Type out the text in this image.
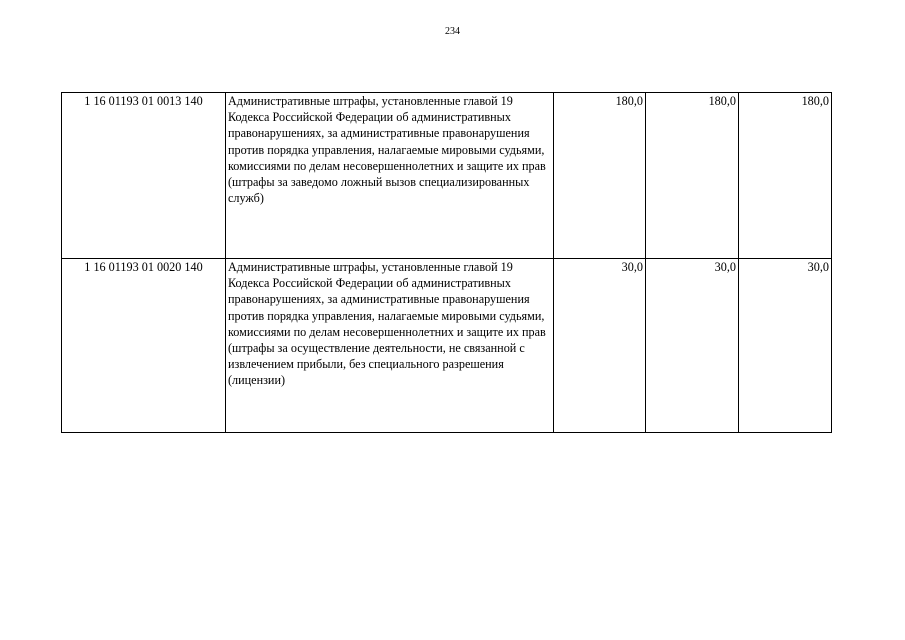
234
1 16 01193 01 0013 140	Административные штрафы, установленные главой 19 Кодекса Российской Федерации об административных правонарушениях, за административные правонарушения против порядка управления, налагаемые мировыми судьями, комиссиями по делам несовершеннолетних и защите их прав (штрафы за заведомо ложный вызов специализированных служб)	180,0	180,0	180,0
1 16 01193 01 0020 140	Административные штрафы, установленные главой 19 Кодекса Российской Федерации об административных правонарушениях, за административные правонарушения против порядка управления, налагаемые мировыми судьями, комиссиями по делам несовершеннолетних и защите их прав (штрафы за осуществление деятельности, не связанной с извлечением прибыли, без специального разрешения (лицензии)	30,0	30,0	30,0
